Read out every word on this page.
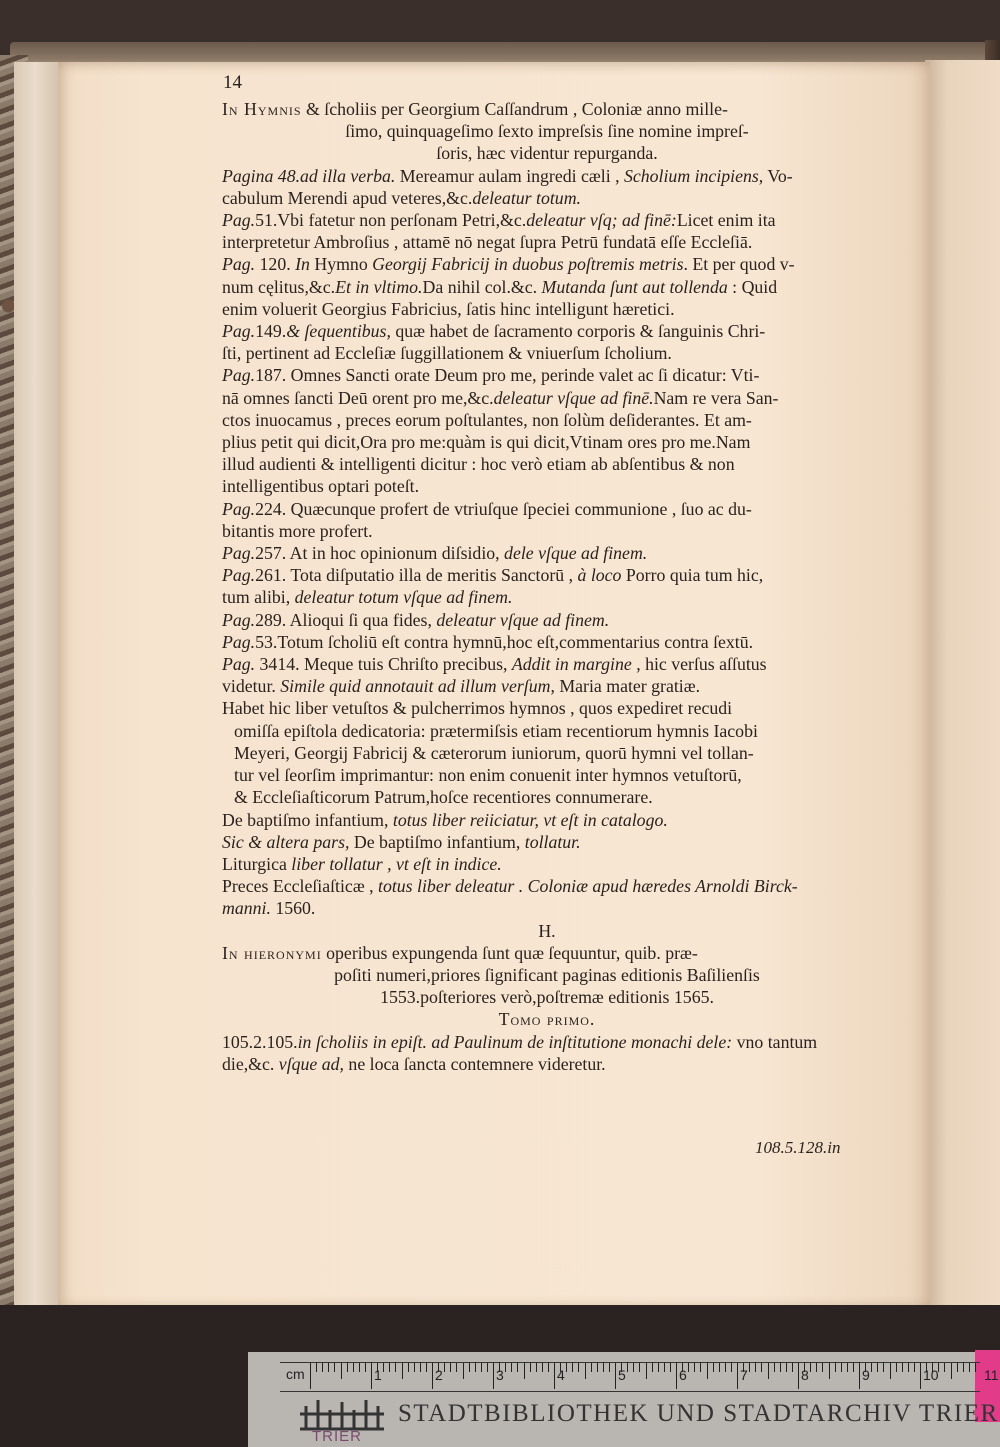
14
In Hymnis & ſcholiis per Georgium Caſſandrum , Coloniæ anno mille-
ſimo, quinquageſimo ſexto impreſsis ſine nomine impreſ-
ſoris, hæc videntur repurganda.
Pagina 48.ad illa verba. Mereamur aulam ingredi cæli , Scholium incipiens, Vo-
cabulum Merendi apud veteres,&c.deleatur totum.
Pag.51.Vbi fatetur non perſonam Petri,&c.deleatur vſq; ad finē:Licet enim ita
interpretetur Ambroſius , attamē nō negat ſupra Petrū fundatā eſſe Eccleſiā.
Pag. 120. In Hymno Georgij Fabricij in duobus poſtremis metris. Et per quod v-
num cęlitus,&c.Et in vltimo.Da nihil col.&c. Mutanda ſunt aut tollenda : Quid
enim voluerit Georgius Fabricius, ſatis hinc intelligunt hæretici.
Pag.149.& ſequentibus, quæ habet de ſacramento corporis & ſanguinis Chri-
ſti, pertinent ad Eccleſiæ ſuggillationem & vniuerſum ſcholium.
Pag.187. Omnes Sancti orate Deum pro me, perinde valet ac ſi dicatur: Vti-
nā omnes ſancti Deū orent pro me,&c.deleatur vſque ad finē.Nam re vera San-
ctos inuocamus , preces eorum poſtulantes, non ſolùm deſiderantes. Et am-
plius petit qui dicit,Ora pro me:quàm is qui dicit,Vtinam ores pro me.Nam
illud audienti & intelligenti dicitur : hoc verò etiam ab abſentibus & non
intelligentibus optari poteſt.
Pag.224. Quæcunque profert de vtriuſque ſpeciei communione , ſuo ac du-
bitantis more profert.
Pag.257. At in hoc opinionum diſsidio, dele vſque ad finem.
Pag.261. Tota diſputatio illa de meritis Sanctorū , à loco Porro quia tum hic,
tum alibi, deleatur totum vſque ad finem.
Pag.289. Alioqui ſi qua fides, deleatur vſque ad finem.
Pag.53.Totum ſcholiū eſt contra hymnū,hoc eſt,commentarius contra ſextū.
Pag. 3414. Meque tuis Chriſto precibus, Addit in margine , hic verſus aſſutus
videtur. Simile quid annotauit ad illum verſum, Maria mater gratiæ.
Habet hic liber vetuſtos & pulcherrimos hymnos , quos expediret recudi
omiſſa epiſtola dedicatoria: prætermiſsis etiam recentiorum hymnis Iacobi
Meyeri, Georgij Fabricij & cæterorum iuniorum, quorū hymni vel tollan-
tur vel ſeorſim imprimantur: non enim conuenit inter hymnos vetuſtorū,
& Eccleſiaſticorum Patrum,hoſce recentiores connumerare.
De baptiſmo infantium, totus liber reiiciatur, vt eſt in catalogo.
Sic & altera pars, De baptiſmo infantium, tollatur.
Liturgica liber tollatur , vt eſt in indice.
Preces Eccleſiaſticæ , totus liber deleatur . Coloniæ apud hæredes Arnoldi Birck-
manni. 1560.
H.
In hieronymi operibus expungenda ſunt quæ ſequuntur, quib. præ-
poſiti numeri,priores ſignificant paginas editionis Baſilienſis
1553.poſteriores verò,poſtremæ editionis 1565.
Tomo primo.
105.2.105.in ſcholiis in epiſt. ad Paulinum de inſtitutione monachi dele: vno tantum
die,&c. vſque ad, ne loca ſancta contemnere videretur.
108.5.128.in
1	2	3	4	5	6	7	8	9	10	11
cm
TRIER
STADTBIBLIOTHEK UND STADTARCHIV TRIER
